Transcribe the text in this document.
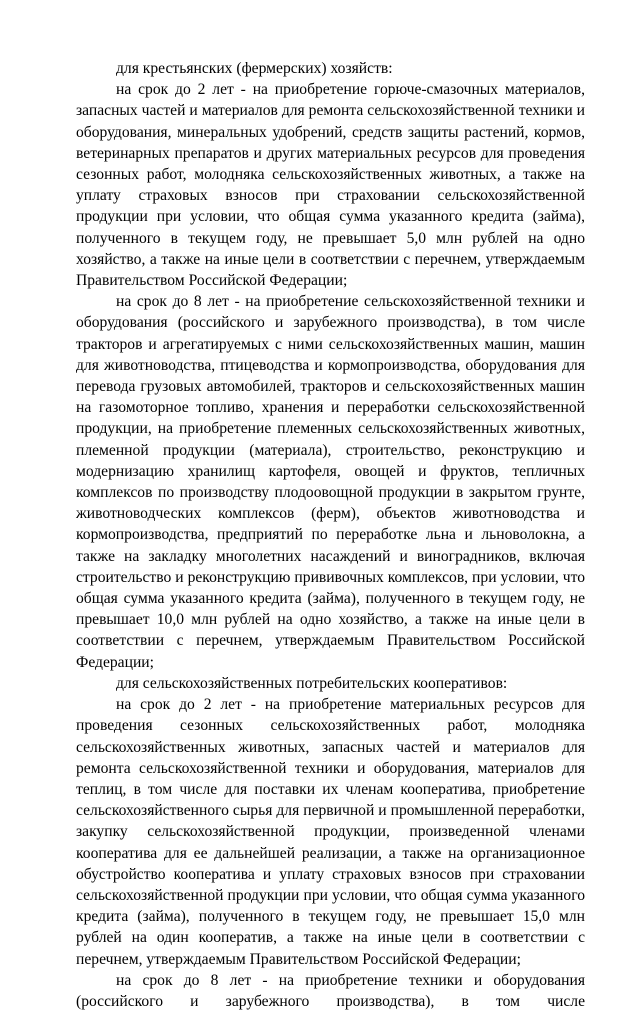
для крестьянских (фермерских) хозяйств:

на срок до 2 лет - на приобретение горюче-смазочных материалов, запасных частей и материалов для ремонта сельскохозяйственной техники и оборудования, минеральных удобрений, средств защиты растений, кормов, ветеринарных препаратов и других материальных ресурсов для проведения сезонных работ, молодняка сельскохозяйственных животных, а также на уплату страховых взносов при страховании сельскохозяйственной продукции при условии, что общая сумма указанного кредита (займа), полученного в текущем году, не превышает 5,0 млн рублей на одно хозяйство, а также на иные цели в соответствии с перечнем, утверждаемым Правительством Российской Федерации;

на срок до 8 лет - на приобретение сельскохозяйственной техники и оборудования (российского и зарубежного производства), в том числе тракторов и агрегатируемых с ними сельскохозяйственных машин, машин для животноводства, птицеводства и кормопроизводства, оборудования для перевода грузовых автомобилей, тракторов и сельскохозяйственных машин на газомоторное топливо, хранения и переработки сельскохозяйственной продукции, на приобретение племенных сельскохозяйственных животных, племенной продукции (материала), строительство, реконструкцию и модернизацию хранилищ картофеля, овощей и фруктов, тепличных комплексов по производству плодоовощной продукции в закрытом грунте, животноводческих комплексов (ферм), объектов животноводства и кормопроизводства, предприятий по переработке льна и льноволокна, а также на закладку многолетних насаждений и виноградников, включая строительство и реконструкцию прививочных комплексов, при условии, что общая сумма указанного кредита (займа), полученного в текущем году, не превышает 10,0 млн рублей на одно хозяйство, а также на иные цели в соответствии с перечнем, утверждаемым Правительством Российской Федерации;

для сельскохозяйственных потребительских кооперативов:

на срок до 2 лет - на приобретение материальных ресурсов для проведения сезонных сельскохозяйственных работ, молодняка сельскохозяйственных животных, запасных частей и материалов для ремонта сельскохозяйственной техники и оборудования, материалов для теплиц, в том числе для поставки их членам кооператива, приобретение сельскохозяйственного сырья для первичной и промышленной переработки, закупку сельскохозяйственной продукции, произведенной членами кооператива для ее дальнейшей реализации, а также на организационное обустройство кооператива и уплату страховых взносов при страховании сельскохозяйственной продукции при условии, что общая сумма указанного кредита (займа), полученного в текущем году, не превышает 15,0 млн рублей на один кооператив, а также на иные цели в соответствии с перечнем, утверждаемым Правительством Российской Федерации;

на срок до 8 лет - на приобретение техники и оборудования (российского и зарубежного производства), в том числе
